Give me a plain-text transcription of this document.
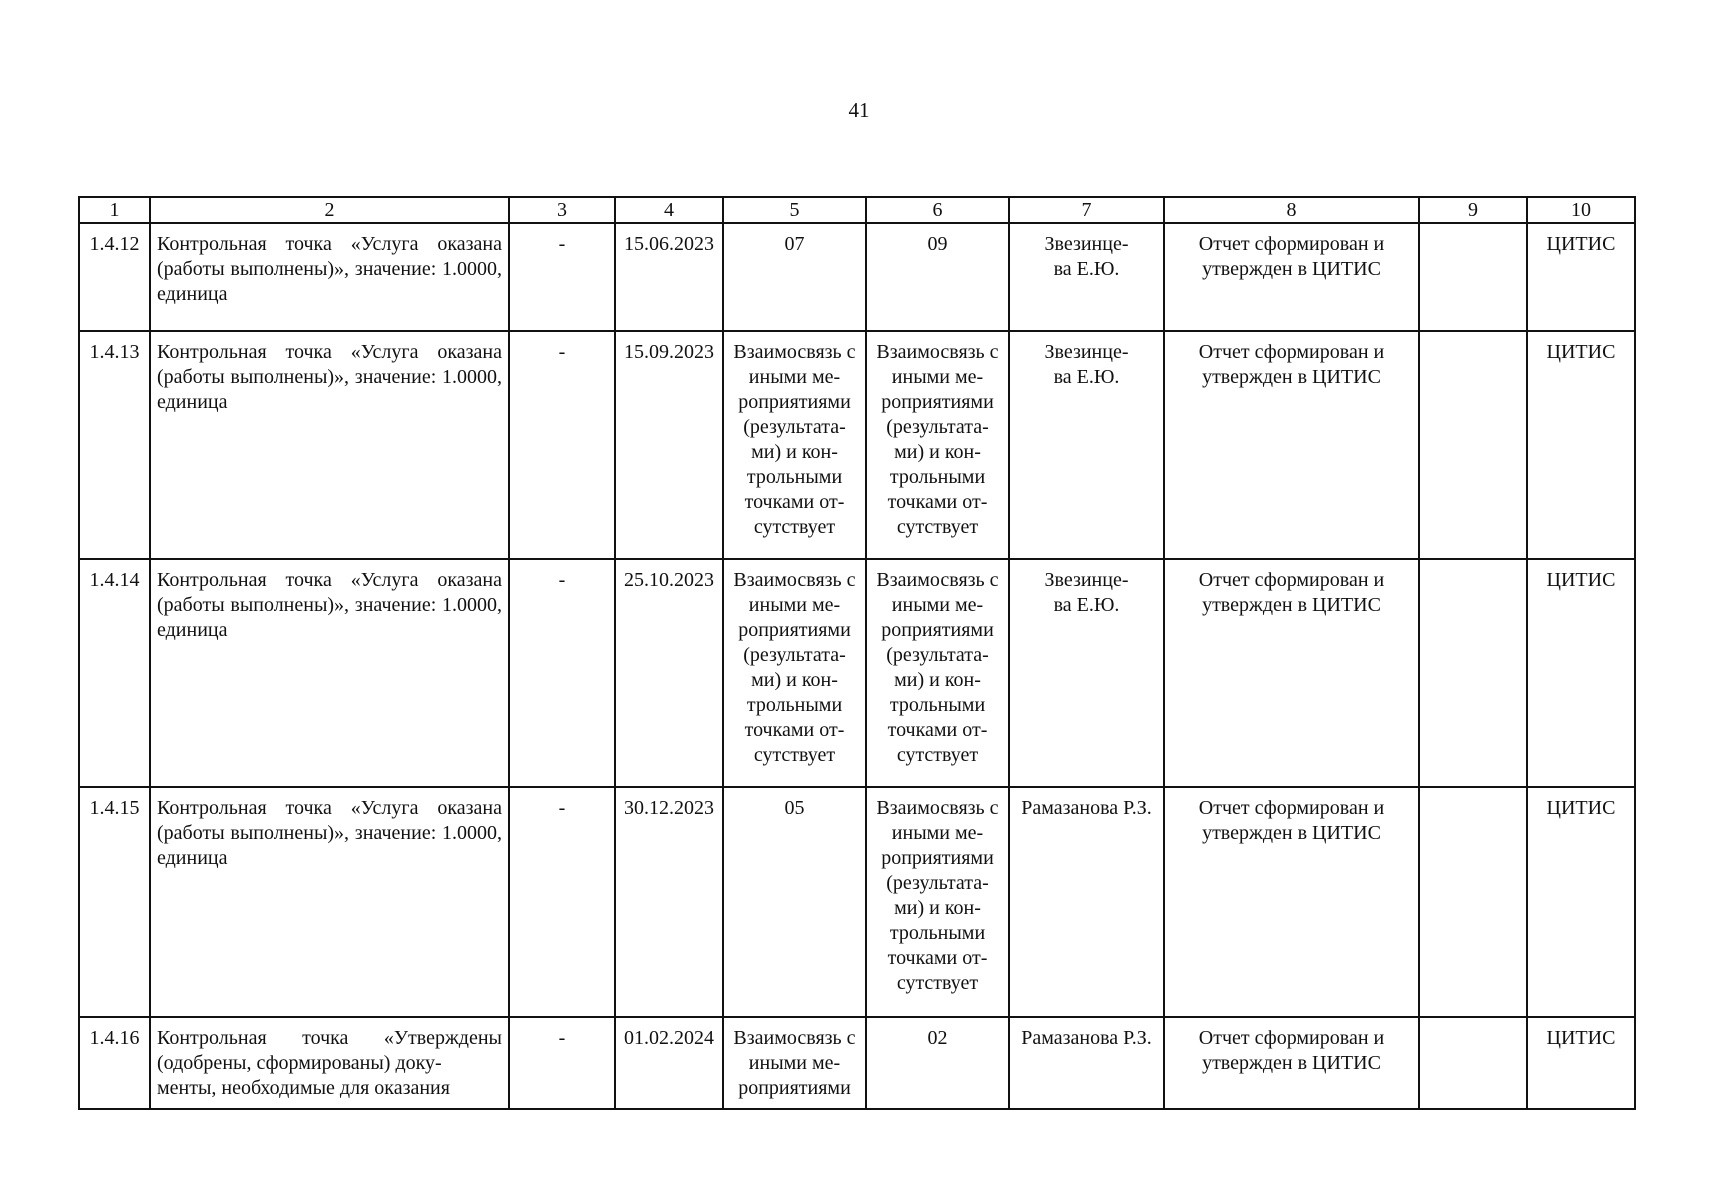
41
1	2	3	4	5	6	7	8	9	10
1.4.12	Контрольная точка «Услуга оказана (работы выполнены)», значение: 1.0000, единица	-	15.06.2023	07	09	Звезинце-
ва Е.Ю.	Отчет сформирован и утвержден в ЦИТИС		ЦИТИС
1.4.13	Контрольная точка «Услуга оказана (работы выполнены)», значение: 1.0000, единица	-	15.09.2023	Взаимосвязь с иными ме-
роприятиями (результата-
ми) и кон-
трольными точками от-
сутствует	Взаимосвязь с иными ме-
роприятиями (результата-
ми) и кон-
трольными точками от-
сутствует	Звезинце-
ва Е.Ю.	Отчет сформирован и утвержден в ЦИТИС		ЦИТИС
1.4.14	Контрольная точка «Услуга оказана (работы выполнены)», значение: 1.0000, единица	-	25.10.2023	Взаимосвязь с иными ме-
роприятиями (результата-
ми) и кон-
трольными точками от-
сутствует	Взаимосвязь с иными ме-
роприятиями (результата-
ми) и кон-
трольными точками от-
сутствует	Звезинце-
ва Е.Ю.	Отчет сформирован и утвержден в ЦИТИС		ЦИТИС
1.4.15	Контрольная точка «Услуга оказана (работы выполнены)», значение: 1.0000, единица	-	30.12.2023	05	Взаимосвязь с иными ме-
роприятиями (результата-
ми) и кон-
трольными точками от-
сутствует	Рамазанова Р.З.	Отчет сформирован и утвержден в ЦИТИС		ЦИТИС
1.4.16	Контрольная точка «Утверждены (одобрены, сформированы) доку-
менты, необходимые для оказания	-	01.02.2024	Взаимосвязь с иными ме-
роприятиями	02	Рамазанова Р.З.	Отчет сформирован и утвержден в ЦИТИС		ЦИТИС
